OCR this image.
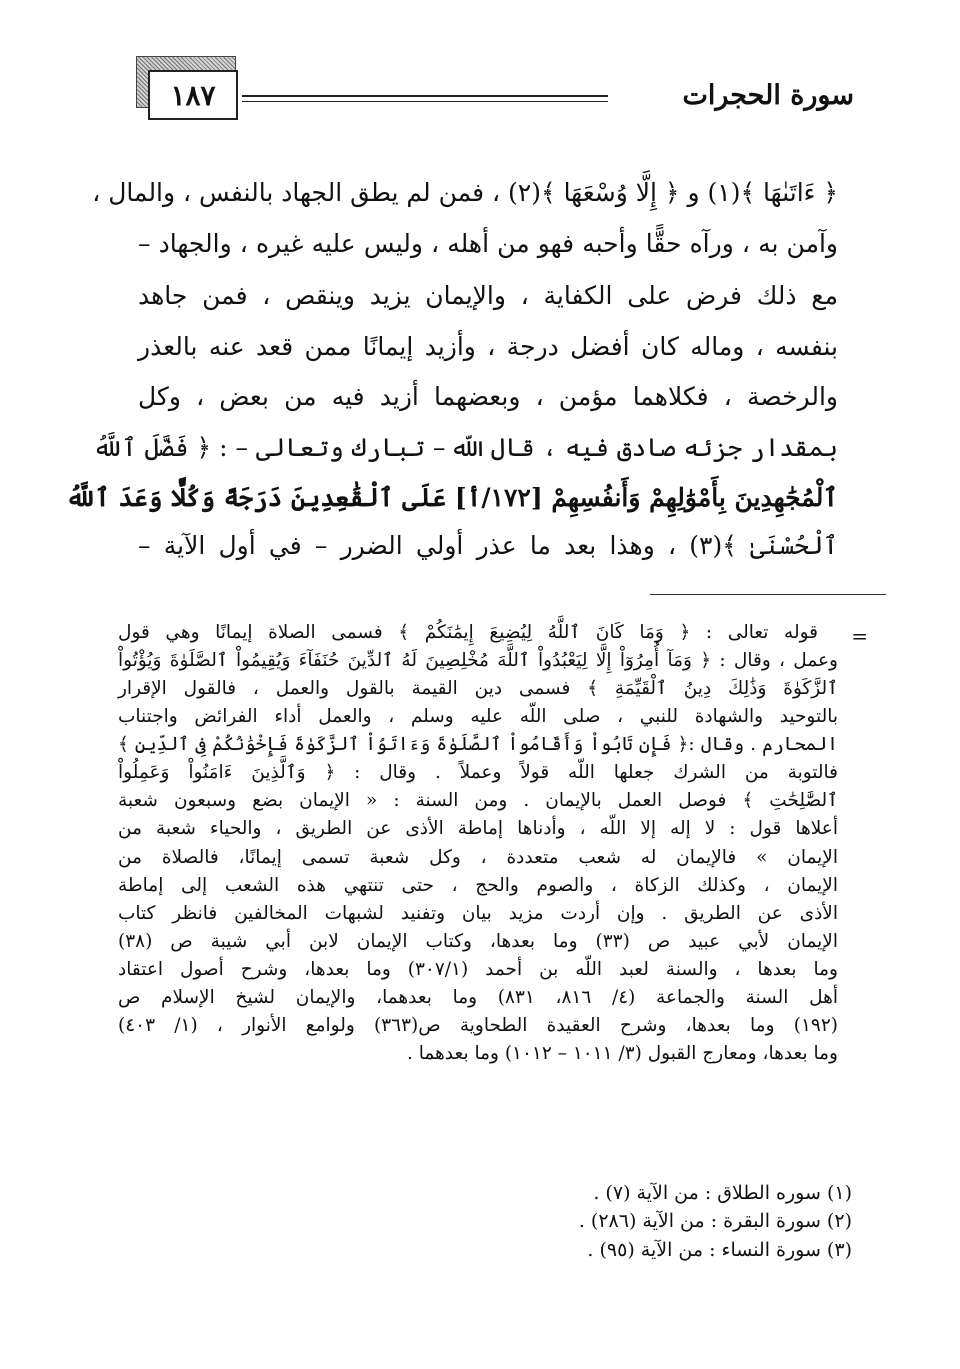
١٨٧	سورة الحجرات
﴿ ءَاتَىٰهَا ﴾(١) و ﴿ إِلَّا وُسْعَهَا ﴾(٢) ، فمن لم يطق الجهاد بالنفس ، والمال ،
وآمن به ، ورآه حقًّا وأحبه فهو من أهله ، وليس عليه غيره ، والجهاد –
مع ذلك فرض على الكفاية ، والإيمان يزيد وينقص ، فمن جاهد
بنفسه ، وماله كان أفضل درجة ، وأزيد إيمانًا ممن قعد عنه بالعذر
والرخصة ، فكلاهما مؤمن ، وبعضهما أزيد فيه من بعض ، وكل
بمقدار جزئه صادق فيه ، قال اللّه – تبارك وتعالى – : ﴿ فَضَّلَ ٱللَّهُ
ٱلْمُجَٰهِدِينَ بِأَمْوَٰلِهِمْ وَأَنفُسِهِمْ [١٧٢/أ] عَلَى ٱلْقَٰعِدِينَ دَرَجَةً وَكُلًّا وَعَدَ ٱللَّهُ
ٱلْحُسْنَىٰ ﴾(٣) ، وهذا بعد ما عذر أولي الضرر – في أول الآية –
=
قوله تعالى : ﴿ وَمَا كَانَ ٱللَّهُ لِيُضِيعَ إِيمَٰنَكُمْ ﴾ فسمى الصلاة إيمانًا وهي قول
وعمل ، وقال : ﴿ وَمَآ أُمِرُوٓاْ إِلَّا لِيَعْبُدُواْ ٱللَّهَ مُخْلِصِينَ لَهُ ٱلدِّينَ حُنَفَآءَ وَيُقِيمُواْ ٱلصَّلَوٰةَ وَيُؤْتُواْ
ٱلزَّكَوٰةَ وَذَٰلِكَ دِينُ ٱلْقَيِّمَةِ ﴾ فسمى دين القيمة بالقول والعمل ، فالقول الإقرار
بالتوحيد والشهادة للنبي ، صلى اللّه عليه وسلم ، والعمل أداء الفرائض واجتناب
المحارم . وقال :﴿ فَإِن تَابُواْ وَأَقَامُواْ ٱلصَّلَوٰةَ وَءَاتَوُاْ ٱلزَّكَوٰةَ فَإِخْوَٰنُكُمْ فِى ٱلدِّينِ ﴾
فالتوبة من الشرك جعلها اللّه قولاً وعملاً . وقال : ﴿ وَٱلَّذِينَ ءَامَنُواْ وَعَمِلُواْ
ٱلصَّٰلِحَٰتِ ﴾ فوصل العمل بالإيمان . ومن السنة : « الإيمان بضع وسبعون شعبة
أعلاها قول : لا إله إلا اللّه ، وأدناها إماطة الأذى عن الطريق ، والحياء شعبة من
الإيمان » فالإيمان له شعب متعددة ، وكل شعبة تسمى إيمانًا، فالصلاة من
الإيمان ، وكذلك الزكاة ، والصوم والحج ، حتى تنتهي هذه الشعب إلى إماطة
الأذى عن الطريق . وإن أردت مزيد بيان وتفنيد لشبهات المخالفين فانظر كتاب
الإيمان لأبي عبيد ص (٣٣) وما بعدها، وكتاب الإيمان لابن أبي شيبة ص (٣٨)
وما بعدها ، والسنة لعبد اللّه بن أحمد (٣٠٧/١) وما بعدها، وشرح أصول اعتقاد
أهل السنة والجماعة (٤/ ٨١٦، ٨٣١) وما بعدهما، والإيمان لشيخ الإسلام ص
(١٩٢) وما بعدها، وشرح العقيدة الطحاوية ص(٣٦٣) ولوامع الأنوار ، (١/ ٤٠٣)
وما بعدها، ومعارج القبول (٣/ ١٠١١ – ١٠١٢) وما بعدهما .
(١) سوره الطلاق : من الآية (٧) .
(٢) سورة البقرة : من الآية (٢٨٦) .
(٣) سورة النساء : من الآية (٩٥) .
